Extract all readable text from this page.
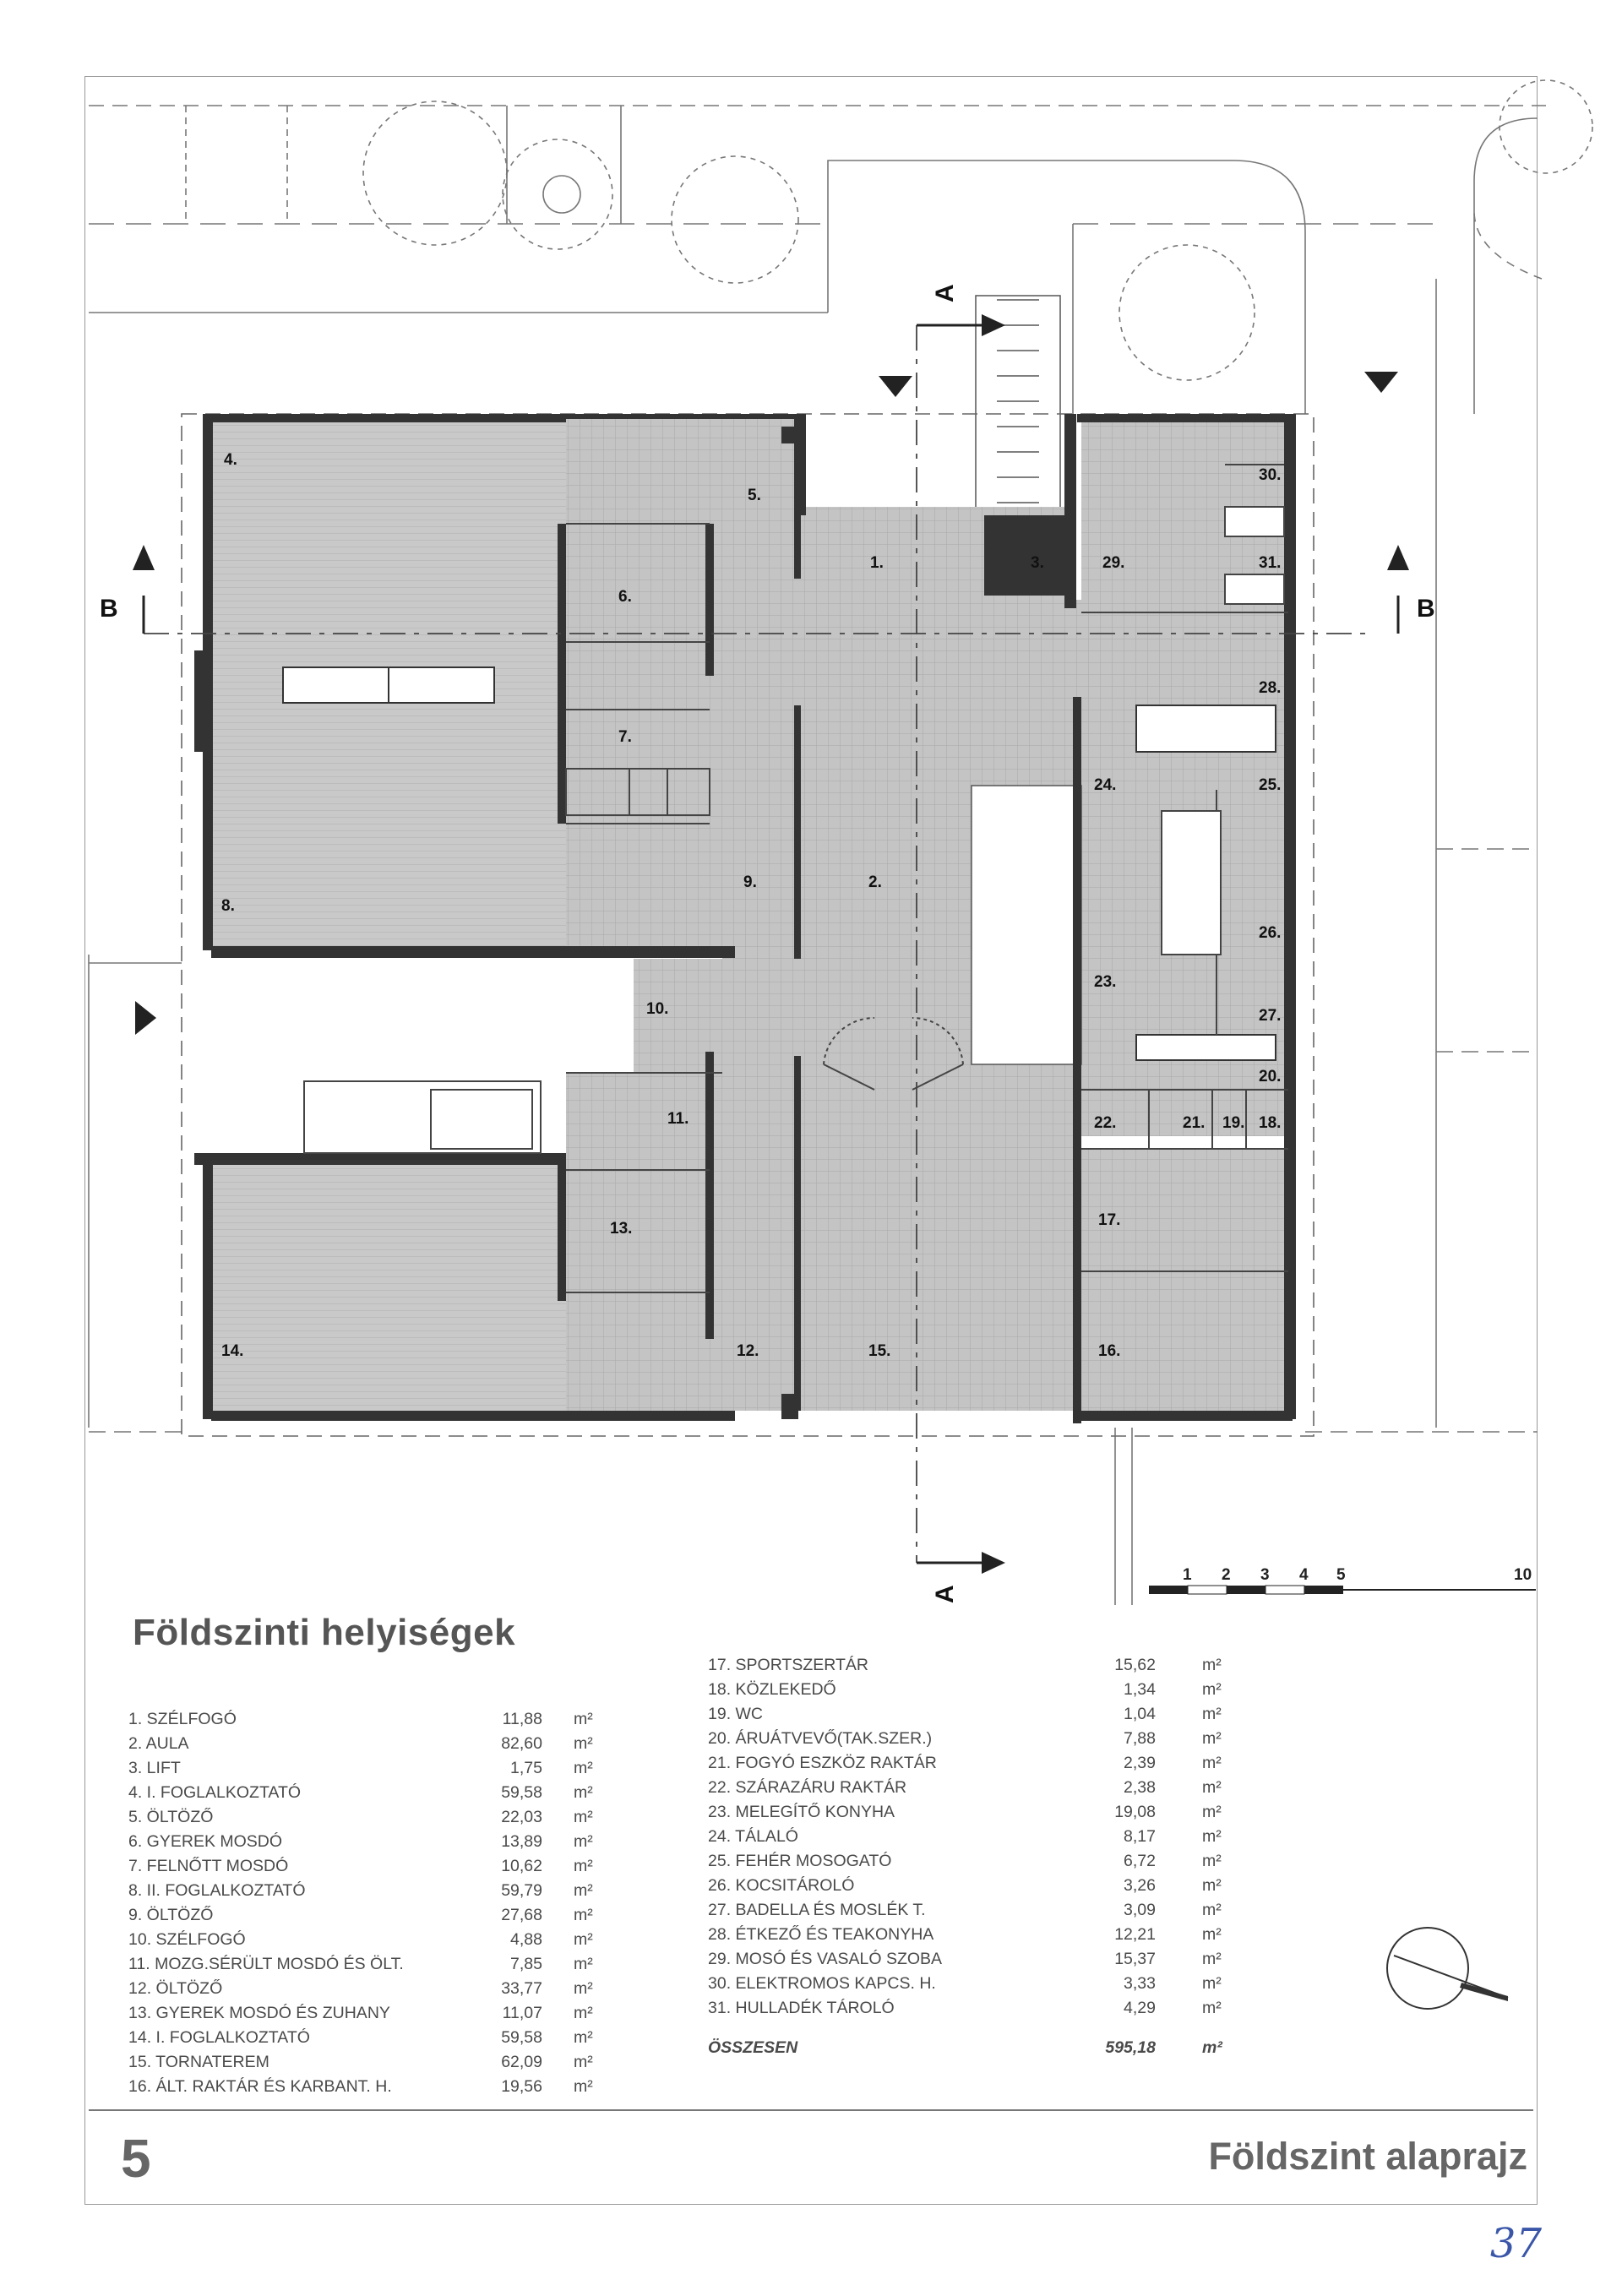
A
A
B	B
1.
2.
3.
4.
5.
6.
7.
8.
9.
10.
11.
12.
13.
14.	15.	16.
17.
18.
19.
20.
21.
22.
23.
24.	25.
26.
27.
28.
29.
30.
31.
1 2 3 4 5	10
Földszinti helyiségek
1. SZÉLFOGÓ	11,88 m²
2. AULA	82,60 m²
3. LIFT	1,75 m²
4. I. FOGLALKOZTATÓ	59,58 m²
5. ÖLTÖZŐ	22,03 m²
6. GYEREK MOSDÓ	13,89 m²
7. FELNŐTT MOSDÓ	10,62 m²
8. II. FOGLALKOZTATÓ	59,79 m²
9. ÖLTÖZŐ	27,68 m²
10. SZÉLFOGÓ	4,88 m²
11. MOZG.SÉRÜLT MOSDÓ ÉS ÖLT.	7,85 m²
12. ÖLTÖZŐ	33,77 m²
13. GYEREK MOSDÓ ÉS ZUHANY	11,07 m²
14. I. FOGLALKOZTATÓ	59,58 m²
15. TORNATEREM	62,09 m²
16. ÁLT. RAKTÁR ÉS KARBANT. H.	19,56 m²
17. SPORTSZERTÁR	15,62	m²
18. KÖZLEKEDŐ	1,34	m²
19. WC	1,04	m²
20. ÁRUÁTVEVŐ(TAK.SZER.)	7,88	m²
21. FOGYÓ ESZKÖZ RAKTÁR	2,39	m²
22. SZÁRAZÁRU RAKTÁR	2,38	m²
23. MELEGÍTŐ KONYHA	19,08	m²
24. TÁLALÓ	8,17	m²
25. FEHÉR MOSOGATÓ	6,72	m²
26. KOCSITÁROLÓ	3,26	m²
27. BADELLA ÉS MOSLÉK T.	3,09	m²
28. ÉTKEZŐ ÉS TEAKONYHA	12,21	m²
29. MOSÓ ÉS VASALÓ SZOBA	15,37	m²
30. ELEKTROMOS KAPCS. H.	3,33	m²
31. HULLADÉK TÁROLÓ	4,29	m²
ÖSSZESEN	595,18	m²

5	Földszint alaprajz

37
